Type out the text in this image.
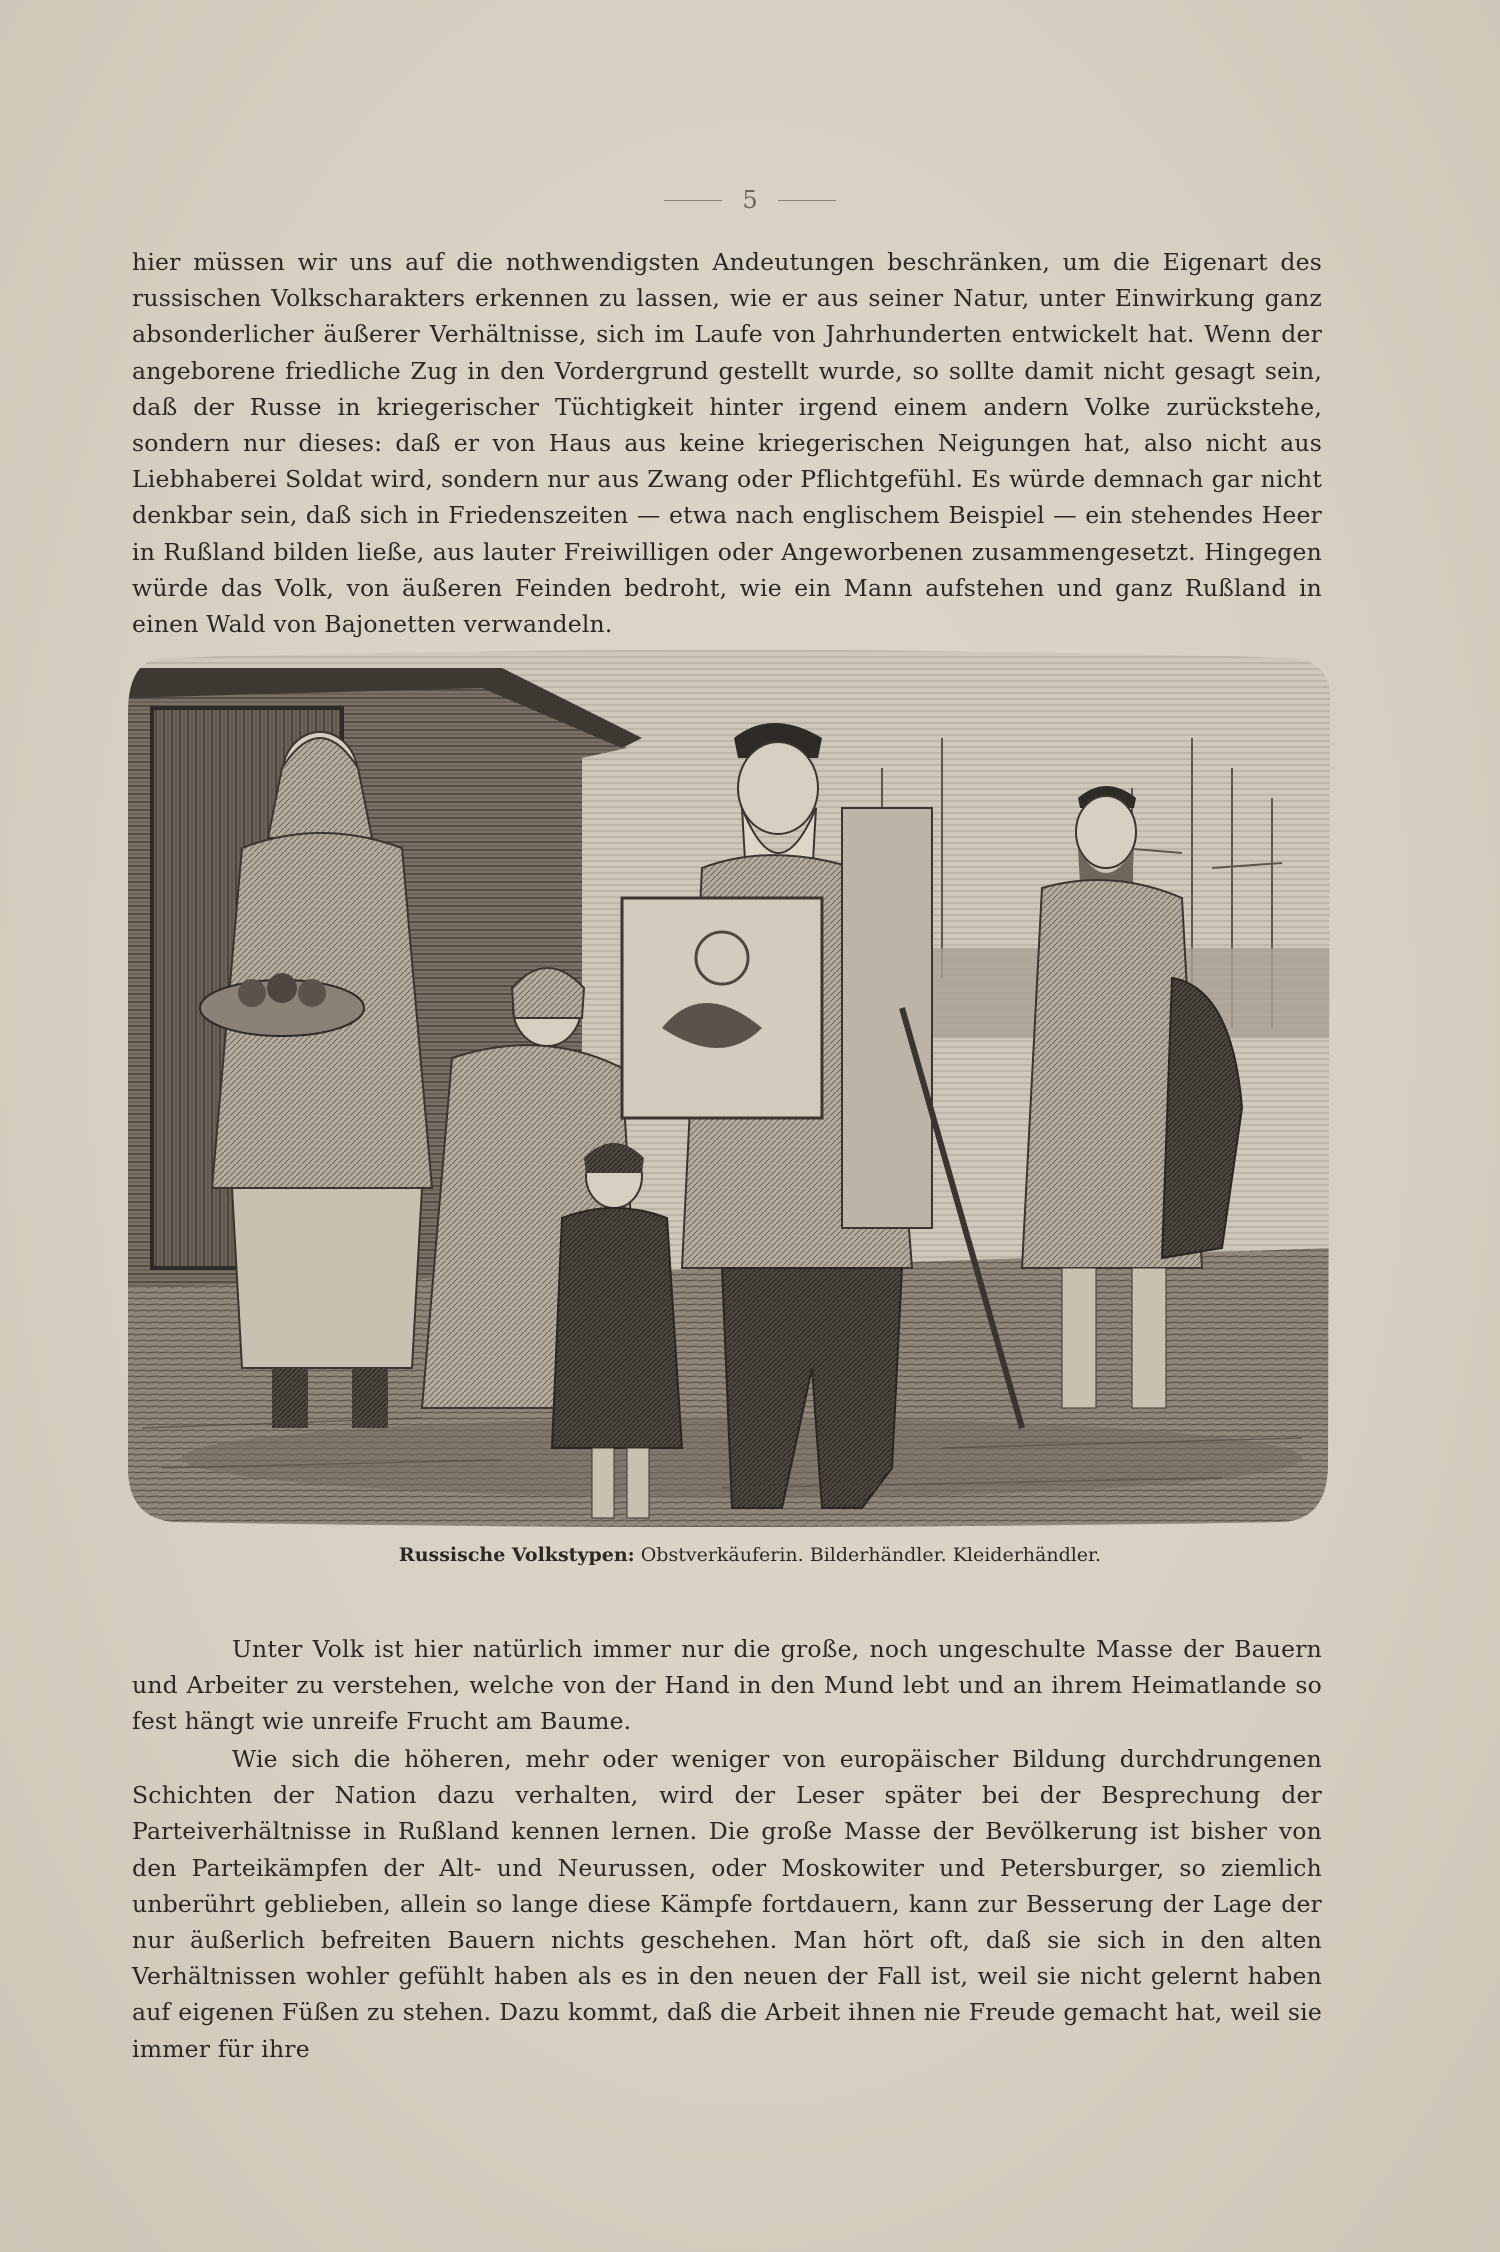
5

hier müssen wir uns auf die nothwendigsten Andeutungen beschränken, um die Eigenart des russischen Volkscharakters erkennen zu lassen, wie er aus seiner Natur, unter Einwirkung ganz absonderlicher äußerer Verhältnisse, sich im Laufe von Jahrhunderten entwickelt hat. Wenn der angeborene friedliche Zug in den Vordergrund gestellt wurde, so sollte damit nicht gesagt sein, daß der Russe in kriegerischer Tüchtigkeit hinter irgend einem andern Volke zurückstehe, sondern nur dieses: daß er von Haus aus keine kriegerischen Neigungen hat, also nicht aus Liebhaberei Soldat wird, sondern nur aus Zwang oder Pflichtgefühl. Es würde demnach gar nicht denkbar sein, daß sich in Friedenszeiten — etwa nach englischem Beispiel — ein stehendes Heer in Rußland bilden ließe, aus lauter Freiwilligen oder Angeworbenen zusammengesetzt. Hingegen würde das Volk, von äußeren Feinden bedroht, wie ein Mann aufstehen und ganz Rußland in einen Wald von Bajonetten verwandeln.

Russische Volkstypen: Obstverkäuferin. Bilderhändler. Kleiderhändler.

Unter Volk ist hier natürlich immer nur die große, noch ungeschulte Masse der Bauern und Arbeiter zu verstehen, welche von der Hand in den Mund lebt und an ihrem Heimatlande so fest hängt wie unreife Frucht am Baume.

Wie sich die höheren, mehr oder weniger von europäischer Bildung durchdrungenen Schichten der Nation dazu verhalten, wird der Leser später bei der Besprechung der Parteiverhältnisse in Rußland kennen lernen. Die große Masse der Bevölkerung ist bisher von den Parteikämpfen der Alt- und Neurussen, oder Moskowiter und Petersburger, so ziemlich unberührt geblieben, allein so lange diese Kämpfe fortdauern, kann zur Besserung der Lage der nur äußerlich befreiten Bauern nichts geschehen. Man hört oft, daß sie sich in den alten Verhältnissen wohler gefühlt haben als es in den neuen der Fall ist, weil sie nicht gelernt haben auf eigenen Füßen zu stehen. Dazu kommt, daß die Arbeit ihnen nie Freude gemacht hat, weil sie immer für ihre
